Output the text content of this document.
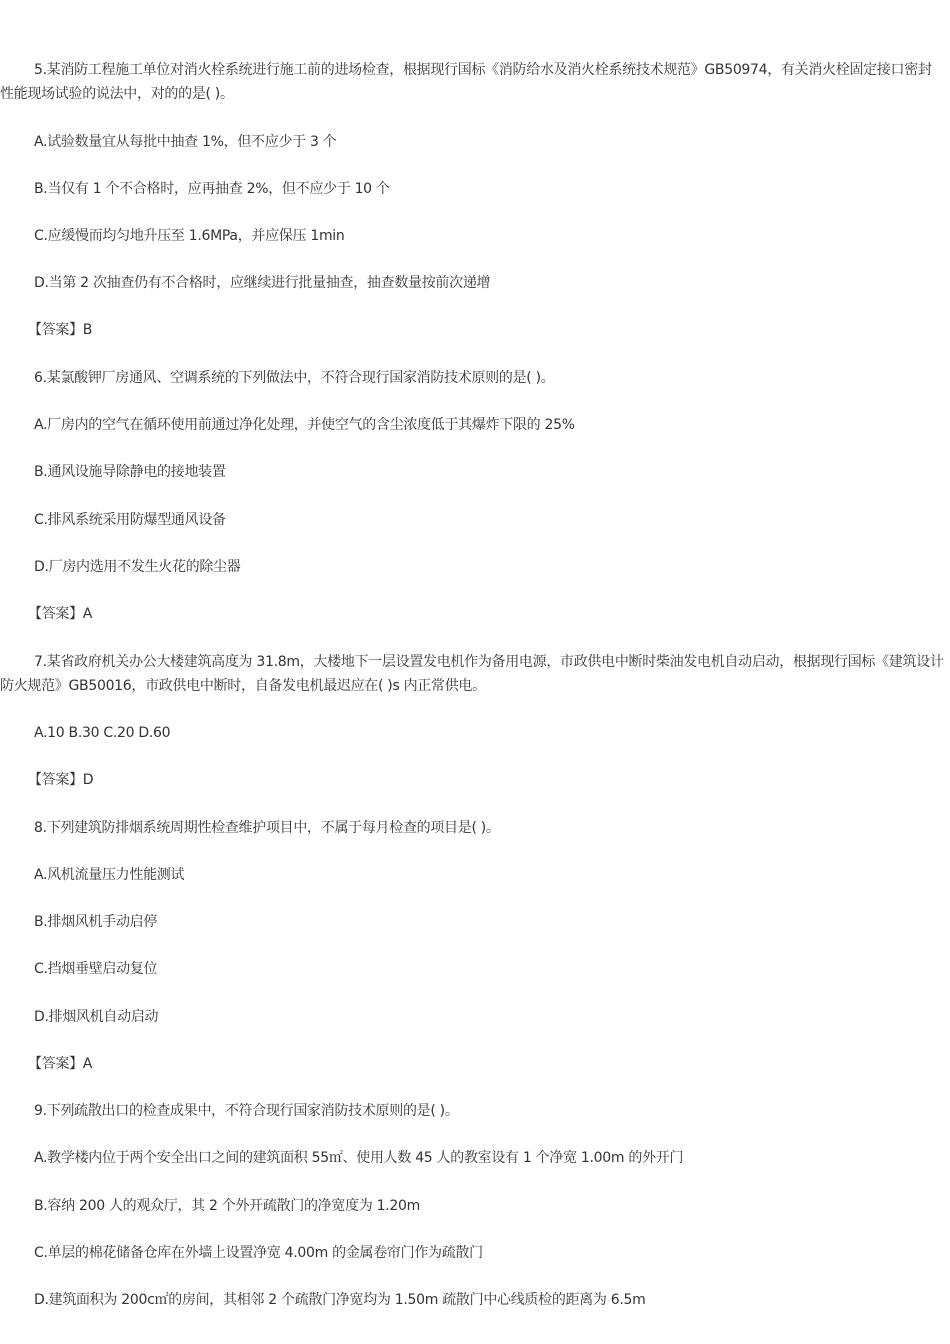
5.某消防工程施工单位对消火栓系统进行施工前的进场检查，根据现行国标《消防给水及消火栓系统技术规范》GB50974，有关消火栓固定接口密封性能现场试验的说法中，对的的是( )。
A.试验数量宜从每批中抽查 1%，但不应少于 3 个
B.当仅有 1 个不合格时，应再抽查 2%，但不应少于 10 个
C.应缓慢而均匀地升压至 1.6MPa，并应保压 1min
D.当第 2 次抽查仍有不合格时，应继续进行批量抽查，抽查数量按前次递增
【答案】B
6.某氯酸钾厂房通风、空调系统的下列做法中，不符合现行国家消防技术原则的是( )。
A.厂房内的空气在循环使用前通过净化处理，并使空气的含尘浓度低于其爆炸下限的 25%
B.通风设施导除静电的接地装置
C.排风系统采用防爆型通风设备
D.厂房内选用不发生火花的除尘器
【答案】A
7.某省政府机关办公大楼建筑高度为 31.8m，大楼地下一层设置发电机作为备用电源，市政供电中断时柴油发电机自动启动，根据现行国标《建筑设计防火规范》GB50016，市政供电中断时，自备发电机最迟应在( )s 内正常供电。
A.10 B.30 C.20 D.60
【答案】D
8.下列建筑防排烟系统周期性检查维护项目中，不属于每月检查的项目是( )。
A.风机流量压力性能测试
B.排烟风机手动启停
C.挡烟垂壁启动复位
D.排烟风机自动启动
【答案】A
9.下列疏散出口的检查成果中，不符合现行国家消防技术原则的是( )。
A.教学楼内位于两个安全出口之间的建筑面积 55㎡、使用人数 45 人的教室设有 1 个净宽 1.00m 的外开门
B.容纳 200 人的观众厅，其 2 个外开疏散门的净宽度为 1.20m
C.单层的棉花储备仓库在外墙上设置净宽 4.00m 的金属卷帘门作为疏散门
D.建筑面积为 200c㎡的房间，其相邻 2 个疏散门净宽均为 1.50m 疏散门中心线质检的距离为 6.5m
